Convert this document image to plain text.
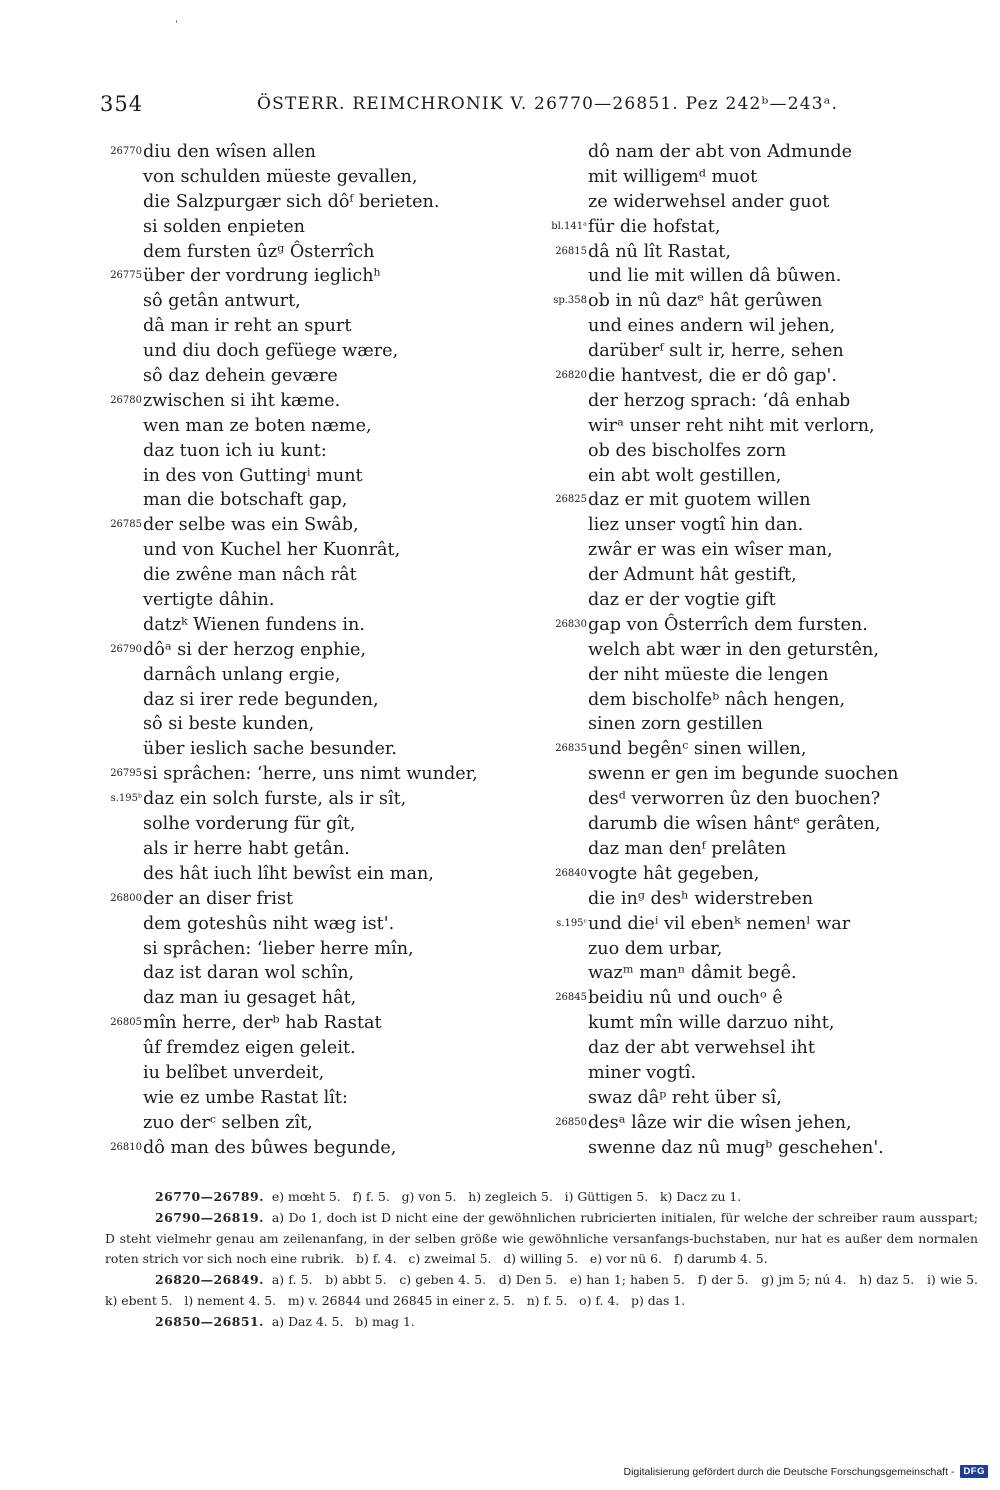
354	ÖSTERR. REIMCHRONIK V. 26770—26851. Pez 242ᵇ—243ᵃ.
26770 diu den wîsen allen
von schulden müeste gevallen,
die Salzpurgær sich dôᶠ berieten.
si solden enpieten
dem fursten ûzᵍ Ôsterrîch
26775 über der vordrung ieglichʰ
sô getân antwurt,
dâ man ir reht an spurt
und diu doch gefüege wære,
sô daz dehein gevære
26780 zwischen si iht kæme.
wen man ze boten næme,
daz tuon ich iu kunt:
in des von Guttingⁱ munt
man die botschaft gap,
26785 der selbe was ein Swâb,
und von Kuchel her Kuonrât,
die zwêne man nâch rât
vertigte dâhin.
datzᵏ Wienen fundens in.
26790 dôᵃ si der herzog enphie,
darnâch unlang ergie,
daz si irer rede begunden,
sô si beste kunden,
über ieslich sache besunder.
26795 si sprâchen: ʻherre, uns nimt wunder,
s.195ᵇ daz ein solch furste, als ir sît,
solhe vorderung für gît,
als ir herre habt getân.
des hât iuch lîht bewîst ein man,
26800 der an diser frist
dem goteshûs niht wæg ist'.
si sprâchen: ʻlieber herre mîn,
daz ist daran wol schîn,
daz man iu gesaget hât,
26805 mîn herre, derᵇ hab Rastat
ûf fremdez eigen geleit.
iu belîbet unverdeit,
wie ez umbe Rastat lît:
zuo derᶜ selben zît,
26810 dô man des bûwes begunde,
dô nam der abt von Admunde
mit willigemᵈ muot
ze widerwehsel ander guot
bl.141ᵃ für die hofstat,
26815 dâ nû lît Rastat,
und lie mit willen dâ bûwen.
sp.358 ob in nû dazᵉ hât gerûwen
und eines andern wil jehen,
darüberᶠ sult ir, herre, sehen
26820 die hantvest, die er dô gap'.
der herzog sprach: ʻdâ enhab
wirᵃ unser reht niht mit verlorn,
ob des bischolfes zorn
ein abt wolt gestillen,
26825 daz er mit guotem willen
liez unser vogtî hin dan.
zwâr er was ein wîser man,
der Admunt hât gestift,
daz er der vogtie gift
26830 gap von Ôsterrîch dem fursten.
welch abt wær in den geturstên,
der niht müeste die lengen
dem bischolfeᵇ nâch hengen,
sinen zorn gestillen
26835 und begênᶜ sinen willen,
swenn er gen im begunde suochen
desᵈ verworren ûz den buochen?
darumb die wîsen hântᵉ gerâten,
daz man denᶠ prelâten
26840 vogte hât gegeben,
die inᵍ desʰ widerstreben
s.195ᶜ und dieⁱ vil ebenᵏ nemenˡ war
zuo dem urbar,
wazᵐ manⁿ dâmit begê.
26845 beidiu nû und ouchᵒ ê
kumt mîn wille darzuo niht,
daz der abt verwehsel iht
miner vogtî.
swaz dâᵖ reht über sî,
26850 desᵃ lâze wir die wîsen jehen,
swenne daz nû mugᵇ geschehen'.

26770—26789. e) mœht 5.   f) f. 5.   g) von 5.   h) zegleich 5.   i) Güttigen 5.   k) Dacz zu 1.

26790—26819. a) Do 1, doch ist D nicht eine der gewöhnlichen rubricierten initialen, für welche der schreiber raum ausspart; D steht vielmehr genau am zeilenanfang, in der selben größe wie gewöhnliche versanfangs-buchstaben, nur hat es außer dem normalen roten strich vor sich noch eine rubrik.   b) f. 4.   c) zweimal 5.   d) willing 5.   e) vor nü 6.   f) darumb 4. 5.

26820—26849. a) f. 5.   b) abbt 5.   c) geben 4. 5.   d) Den 5.   e) han 1; haben 5.   f) der 5.   g) jm 5; nú 4.   h) daz 5.   i) wie 5.   k) ebent 5.   l) nement 4. 5.   m) v. 26844 und 26845 in einer z. 5.   n) f. 5.   o) f. 4.   p) das 1.

26850—26851. a) Daz 4. 5.   b) mag 1.

Digitalisierung gefördert durch die Deutsche Forschungsgemeinschaft - DFG
